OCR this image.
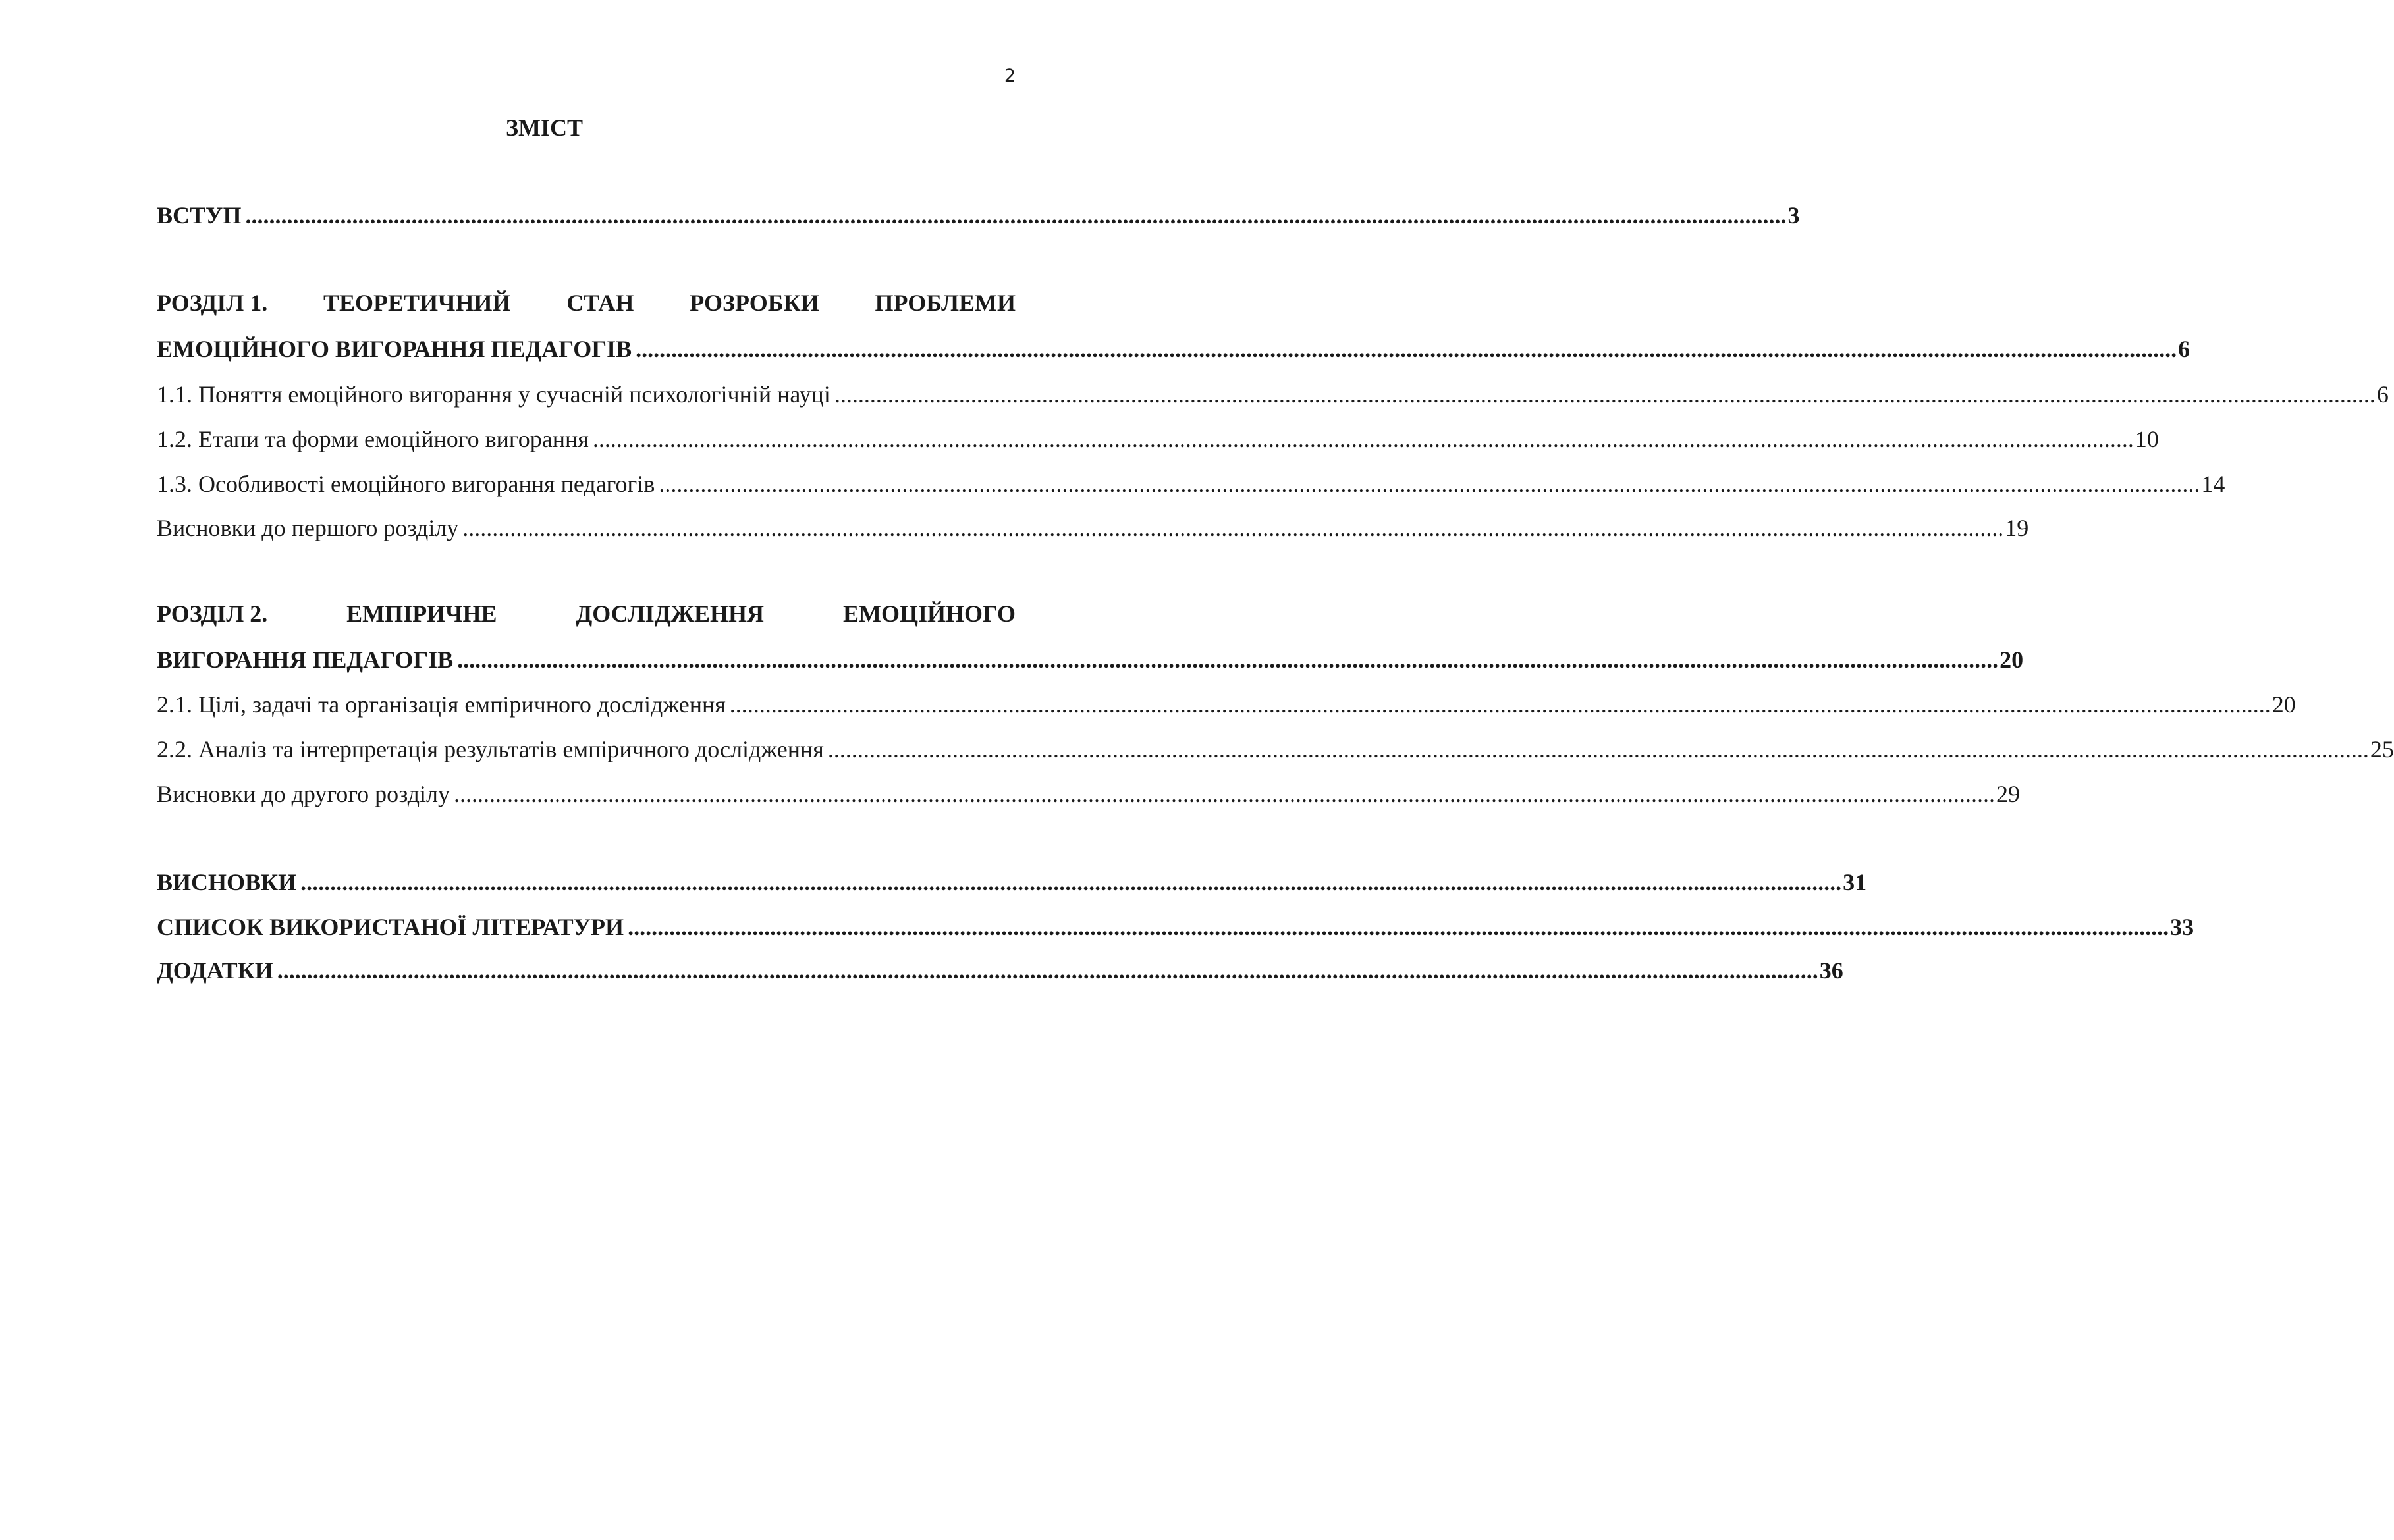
2
ЗМІСТ
ВСТУП .................................................................................................................................................................................................................................................................... 3
РОЗДІЛ 1. ТЕОРЕТИЧНИЙ СТАН РОЗРОБКИ ПРОБЛЕМИ
ЕМОЦІЙНОГО ВИГОРАННЯ ПЕДАГОГІВ .................................................................................................................................................................................................................................................................... 6
1.1. Поняття емоційного вигорання у сучасній психологічній науці .................................................................................................................................................................................................................................................................... 6
1.2. Етапи та форми емоційного вигорання .................................................................................................................................................................................................................................................................... 10
1.3. Особливості емоційного вигорання педагогів .................................................................................................................................................................................................................................................................... 14
Висновки до першого розділу .................................................................................................................................................................................................................................................................... 19
РОЗДІЛ 2.	ЕМПІРИЧНЕ	ДОСЛІДЖЕННЯ	ЕМОЦІЙНОГО
ВИГОРАННЯ ПЕДАГОГІВ .................................................................................................................................................................................................................................................................... 20
2.1. Цілі, задачі та організація емпіричного дослідження .................................................................................................................................................................................................................................................................... 20
2.2. Аналіз та інтерпретація результатів емпіричного дослідження .................................................................................................................................................................................................................................................................... 25
Висновки до другого розділу .................................................................................................................................................................................................................................................................... 29
ВИСНОВКИ .................................................................................................................................................................................................................................................................... 31
СПИСОК ВИКОРИСТАНОЇ ЛІТЕРАТУРИ .................................................................................................................................................................................................................................................................... 33
ДОДАТКИ .................................................................................................................................................................................................................................................................... 36
